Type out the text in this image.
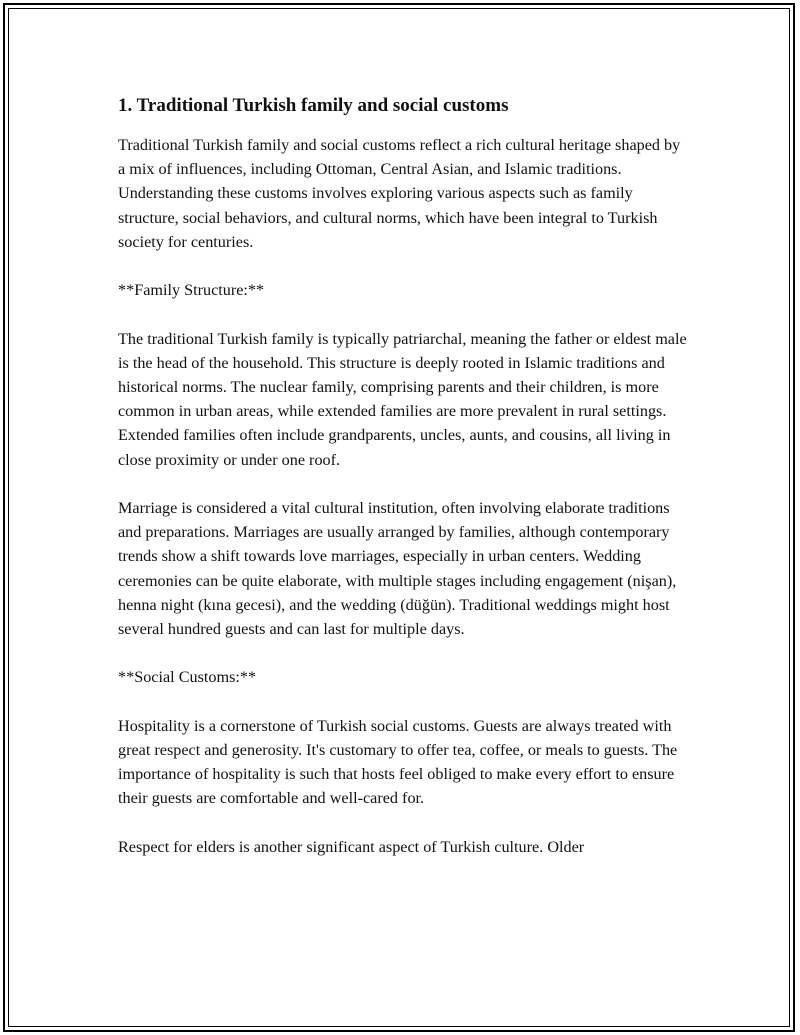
1. Traditional Turkish family and social customs

Traditional Turkish family and social customs reflect a rich cultural heritage shaped by a mix of influences, including Ottoman, Central Asian, and Islamic traditions. Understanding these customs involves exploring various aspects such as family structure, social behaviors, and cultural norms, which have been integral to Turkish society for centuries.

**Family Structure:**

The traditional Turkish family is typically patriarchal, meaning the father or eldest male is the head of the household. This structure is deeply rooted in Islamic traditions and historical norms. The nuclear family, comprising parents and their children, is more common in urban areas, while extended families are more prevalent in rural settings. Extended families often include grandparents, uncles, aunts, and cousins, all living in close proximity or under one roof.

Marriage is considered a vital cultural institution, often involving elaborate traditions and preparations. Marriages are usually arranged by families, although contemporary trends show a shift towards love marriages, especially in urban centers. Wedding ceremonies can be quite elaborate, with multiple stages including engagement (nişan), henna night (kına gecesi), and the wedding (düğün). Traditional weddings might host several hundred guests and can last for multiple days.

**Social Customs:**

Hospitality is a cornerstone of Turkish social customs. Guests are always treated with great respect and generosity. It's customary to offer tea, coffee, or meals to guests. The importance of hospitality is such that hosts feel obliged to make every effort to ensure their guests are comfortable and well-cared for.

Respect for elders is another significant aspect of Turkish culture. Older
